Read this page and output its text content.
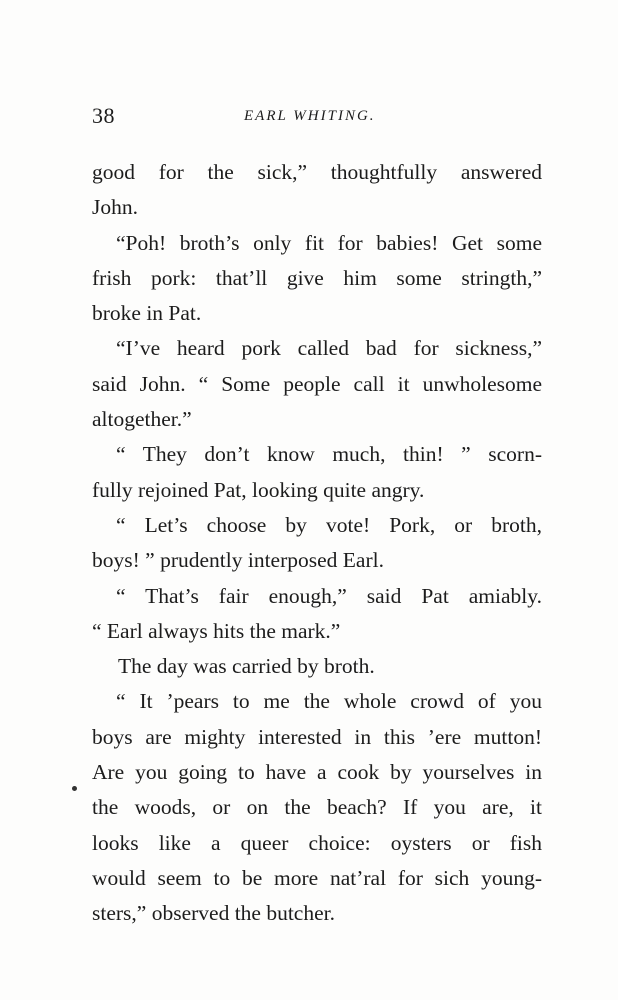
38	EARL WHITING.
good for the sick,” thoughtfully answered
John.
“Poh! broth’s only fit for babies! Get some
frish pork: that’ll give him some stringth,”
broke in Pat.
“I’ve heard pork called bad for sickness,”
said John. “ Some people call it unwholesome
altogether.”
“ They don’t know much, thin! ” scorn-
fully rejoined Pat, looking quite angry.
“ Let’s choose by vote! Pork, or broth,
boys! ” prudently interposed Earl.
“ That’s fair enough,” said Pat amiably.
“ Earl always hits the mark.”
The day was carried by broth.
“ It ’pears to me the whole crowd of you
boys are mighty interested in this ’ere mutton!
Are you going to have a cook by yourselves in
the woods, or on the beach? If you are, it
looks like a queer choice: oysters or fish
would seem to be more nat’ral for sich young-
sters,” observed the butcher.
